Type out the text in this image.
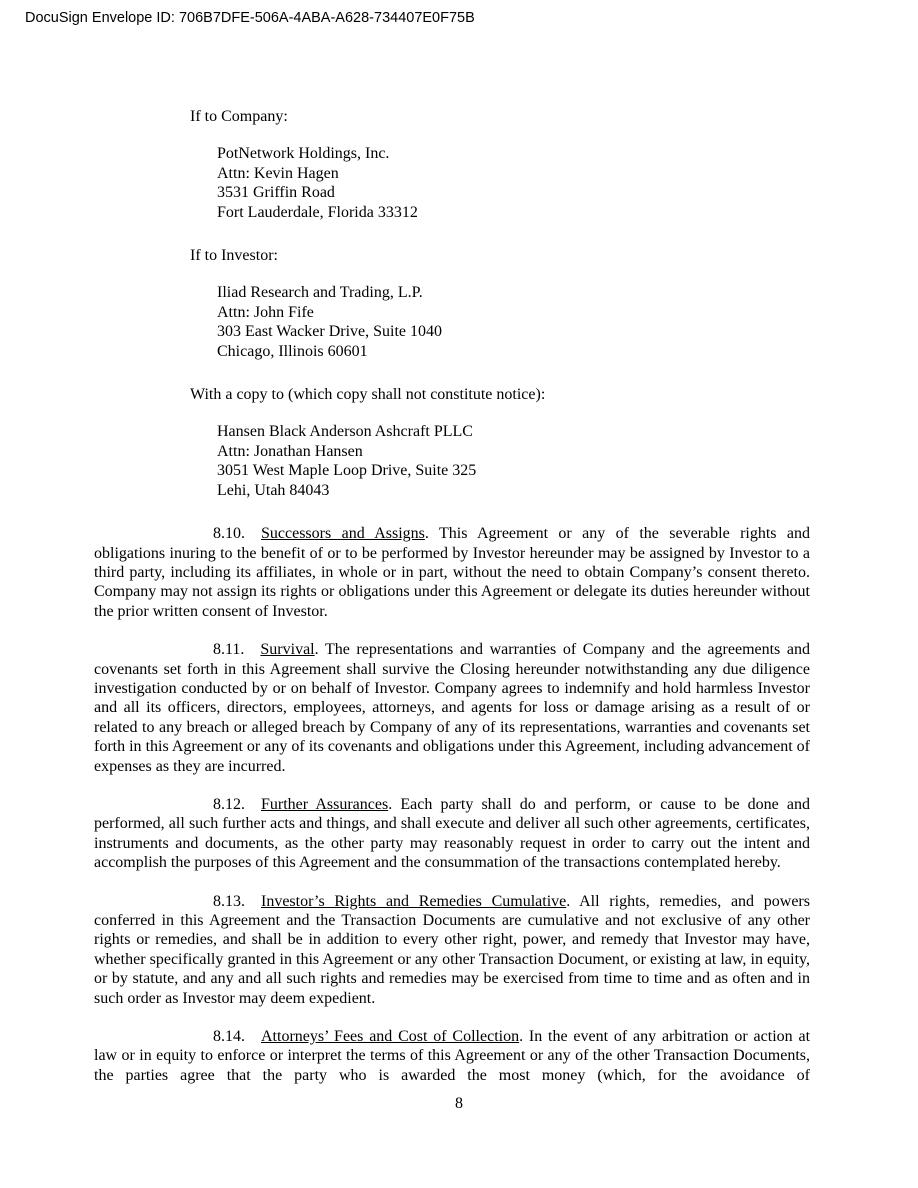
DocuSign Envelope ID: 706B7DFE-506A-4ABA-A628-734407E0F75B
If to Company:
PotNetwork Holdings, Inc.
Attn: Kevin Hagen
3531 Griffin Road
Fort Lauderdale, Florida 33312
If to Investor:
Iliad Research and Trading, L.P.
Attn: John Fife
303 East Wacker Drive, Suite 1040
Chicago, Illinois 60601
With a copy to (which copy shall not constitute notice):
Hansen Black Anderson Ashcraft PLLC
Attn: Jonathan Hansen
3051 West Maple Loop Drive, Suite 325
Lehi, Utah 84043

8.10. Successors and Assigns. This Agreement or any of the severable rights and obligations inuring to the benefit of or to be performed by Investor hereunder may be assigned by Investor to a third party, including its affiliates, in whole or in part, without the need to obtain Company’s consent thereto. Company may not assign its rights or obligations under this Agreement or delegate its duties hereunder without the prior written consent of Investor.

8.11. Survival. The representations and warranties of Company and the agreements and covenants set forth in this Agreement shall survive the Closing hereunder notwithstanding any due diligence investigation conducted by or on behalf of Investor. Company agrees to indemnify and hold harmless Investor and all its officers, directors, employees, attorneys, and agents for loss or damage arising as a result of or related to any breach or alleged breach by Company of any of its representations, warranties and covenants set forth in this Agreement or any of its covenants and obligations under this Agreement, including advancement of expenses as they are incurred.

8.12. Further Assurances. Each party shall do and perform, or cause to be done and performed, all such further acts and things, and shall execute and deliver all such other agreements, certificates, instruments and documents, as the other party may reasonably request in order to carry out the intent and accomplish the purposes of this Agreement and the consummation of the transactions contemplated hereby.

8.13. Investor’s Rights and Remedies Cumulative. All rights, remedies, and powers conferred in this Agreement and the Transaction Documents are cumulative and not exclusive of any other rights or remedies, and shall be in addition to every other right, power, and remedy that Investor may have, whether specifically granted in this Agreement or any other Transaction Document, or existing at law, in equity, or by statute, and any and all such rights and remedies may be exercised from time to time and as often and in such order as Investor may deem expedient.

8.14. Attorneys’ Fees and Cost of Collection. In the event of any arbitration or action at law or in equity to enforce or interpret the terms of this Agreement or any of the other Transaction Documents, the parties agree that the party who is awarded the most money (which, for the avoidance of

8
